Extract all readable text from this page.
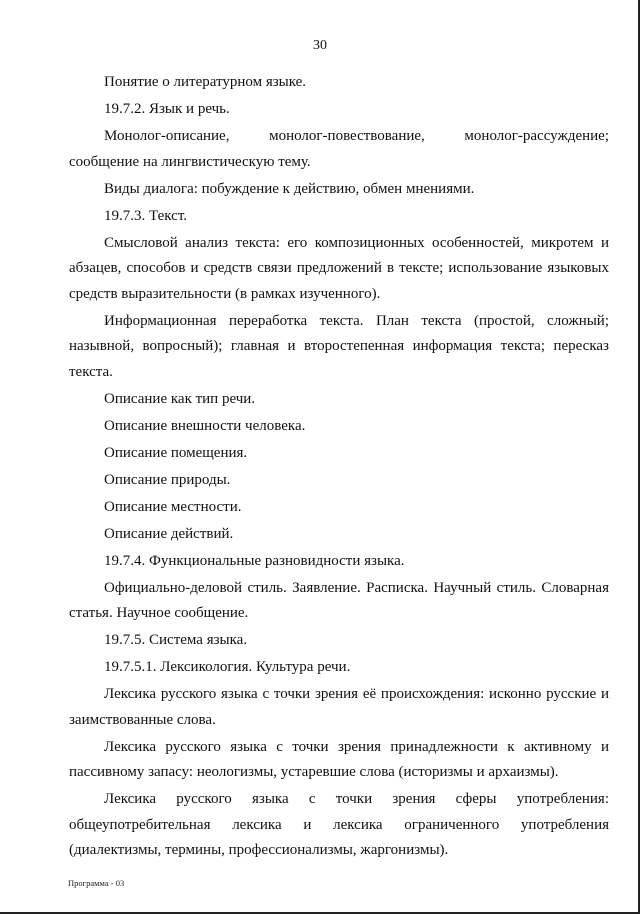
30

Понятие о литературном языке.

19.7.2. Язык и речь.

Монолог-описание, монолог-повествование, монолог-рассуждение; сообщение на лингвистическую тему.

Виды диалога: побуждение к действию, обмен мнениями.

19.7.3. Текст.

Смысловой анализ текста: его композиционных особенностей, микротем и абзацев, способов и средств связи предложений в тексте; использование языковых средств выразительности (в рамках изученного).

Информационная переработка текста. План текста (простой, сложный; назывной, вопросный); главная и второстепенная информация текста; пересказ текста.

Описание как тип речи.

Описание внешности человека.

Описание помещения.

Описание природы.

Описание местности.

Описание действий.

19.7.4. Функциональные разновидности языка.

Официально-деловой стиль. Заявление. Расписка. Научный стиль. Словарная статья. Научное сообщение.

19.7.5. Система языка.

19.7.5.1. Лексикология. Культура речи.

Лексика русского языка с точки зрения её происхождения: исконно русские и заимствованные слова.

Лексика русского языка с точки зрения принадлежности к активному и пассивному запасу: неологизмы, устаревшие слова (историзмы и архаизмы).

Лексика русского языка с точки зрения сферы употребления: общеупотребительная лексика и лексика ограниченного употребления (диалектизмы, термины, профессионализмы, жаргонизмы).

Программа - 03
